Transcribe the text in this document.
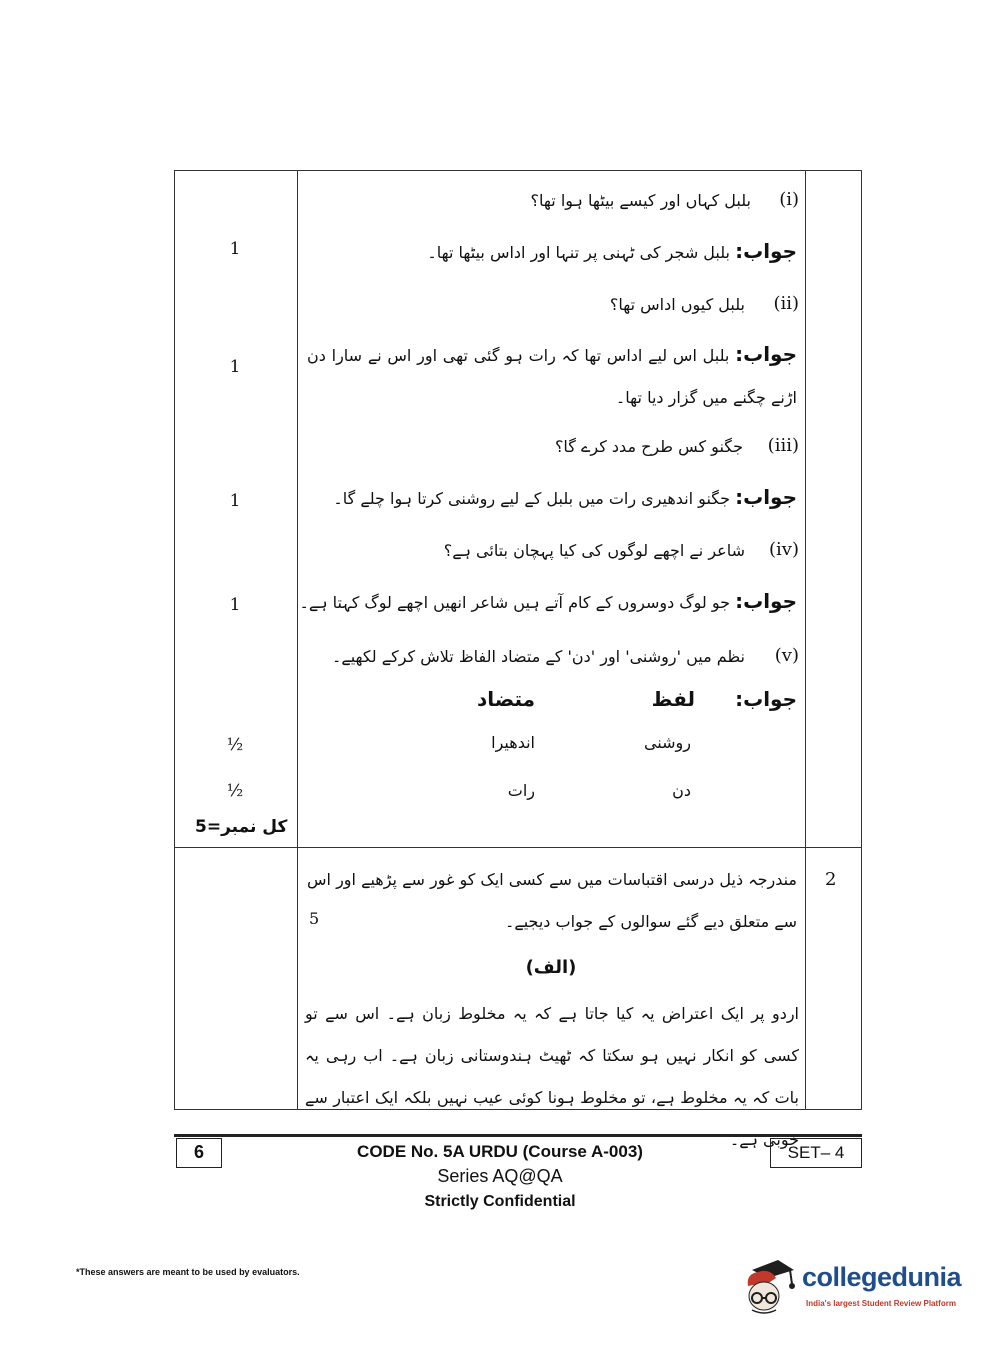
(i)
بلبل کہاں اور کیسے بیٹھا ہوا تھا؟
جواب: بلبل شجر کی ٹہنی پر تنہا اور اداس بیٹھا تھا۔
1
(ii)
بلبل کیوں اداس تھا؟
جواب: بلبل اس لیے اداس تھا کہ رات ہو گئی تھی اور اس نے سارا دن اڑنے چگنے میں گزار دیا تھا۔
1
(iii)
جگنو کس طرح مدد کرے گا؟
جواب: جگنو اندھیری رات میں بلبل کے لیے روشنی کرتا ہوا چلے گا۔
1
(iv)
شاعر نے اچھے لوگوں کی کیا پہچان بتائی ہے؟
جواب: جو لوگ دوسروں کے کام آتے ہیں شاعر انھیں اچھے لوگ کہتا ہے۔
1
(v)
نظم میں 'روشنی' اور 'دن' کے متضاد الفاظ تلاش کرکے لکھیے۔
جواب:
لفظ
متضاد
روشنی
اندھیرا
½
دن
رات
½
کل نمبر=5
2
مندرجہ ذیل درسی اقتباسات میں سے کسی ایک کو غور سے پڑھیے اور اس سے متعلق دیے گئے سوالوں کے جواب دیجیے۔
5
(الف)
اردو پر ایک اعتراض یہ کیا جاتا ہے کہ یہ مخلوط زبان ہے۔ اس سے تو کسی کو انکار نہیں ہو سکتا کہ ٹھیٹ ہندوستانی زبان ہے۔ اب رہی یہ بات کہ یہ مخلوط ہے، تو مخلوط ہونا کوئی عیب نہیں بلکہ ایک اعتبار سے خوبی ہے۔
6	CODE No. 5A URDU (Course A-003)
Series AQ@QA
Strictly Confidential
SET– 4
*These answers are meant to be used by evaluators.	collegedunia
India's largest Student Review Platform
